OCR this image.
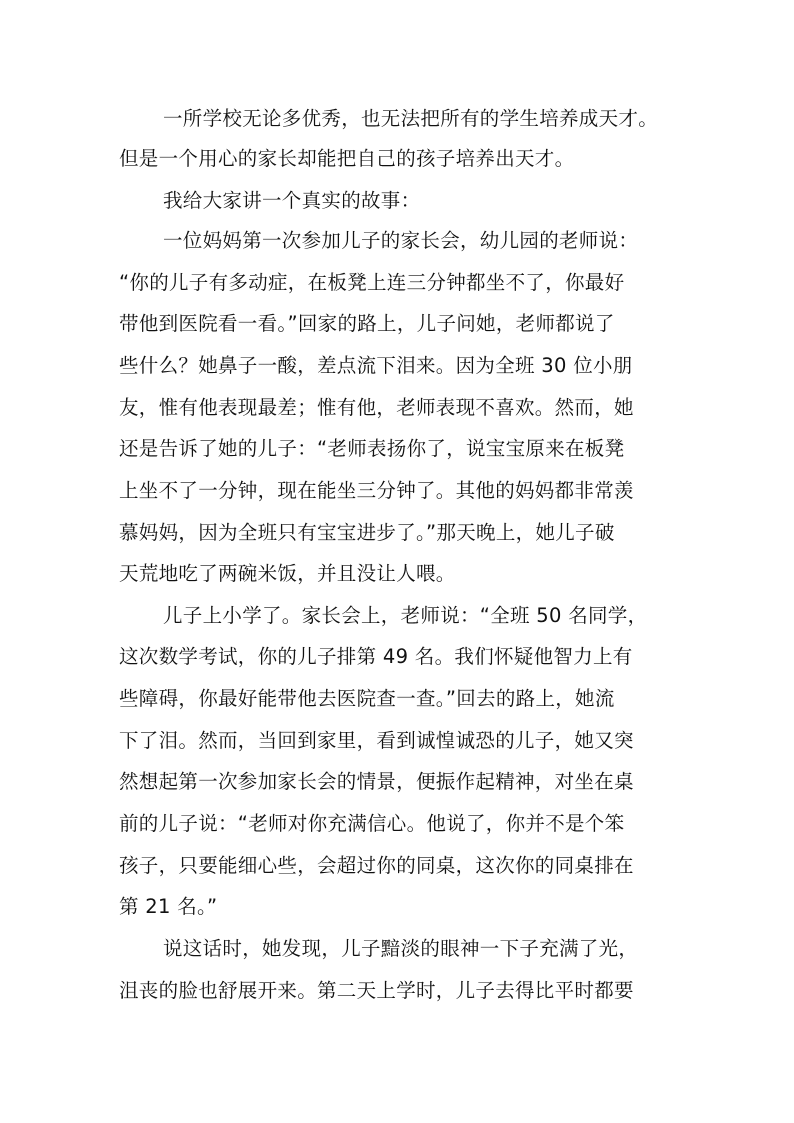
一所学校无论多优秀，也无法把所有的学生培养成天才。

但是一个用心的家长却能把自己的孩子培养出天才。

我给大家讲一个真实的故事：

一位妈妈第一次参加儿子的家长会，幼儿园的老师说：

“你的儿子有多动症，在板凳上连三分钟都坐不了，你最好

带他到医院看一看。”回家的路上，儿子问她，老师都说了

些什么？她鼻子一酸，差点流下泪来。因为全班 30 位小朋

友，惟有他表现最差；惟有他，老师表现不喜欢。然而，她

还是告诉了她的儿子：“老师表扬你了，说宝宝原来在板凳

上坐不了一分钟，现在能坐三分钟了。其他的妈妈都非常羡

慕妈妈，因为全班只有宝宝进步了。”那天晚上，她儿子破

天荒地吃了两碗米饭，并且没让人喂。

儿子上小学了。家长会上，老师说：“全班 50 名同学，

这次数学考试，你的儿子排第 49 名。我们怀疑他智力上有

些障碍，你最好能带他去医院查一查。”回去的路上，她流

下了泪。然而，当回到家里，看到诚惶诚恐的儿子，她又突

然想起第一次参加家长会的情景，便振作起精神，对坐在桌

前的儿子说：“老师对你充满信心。他说了，你并不是个笨

孩子，只要能细心些，会超过你的同桌，这次你的同桌排在

第 21 名。”

说这话时，她发现，儿子黯淡的眼神一下子充满了光，

沮丧的脸也舒展开来。第二天上学时，儿子去得比平时都要
